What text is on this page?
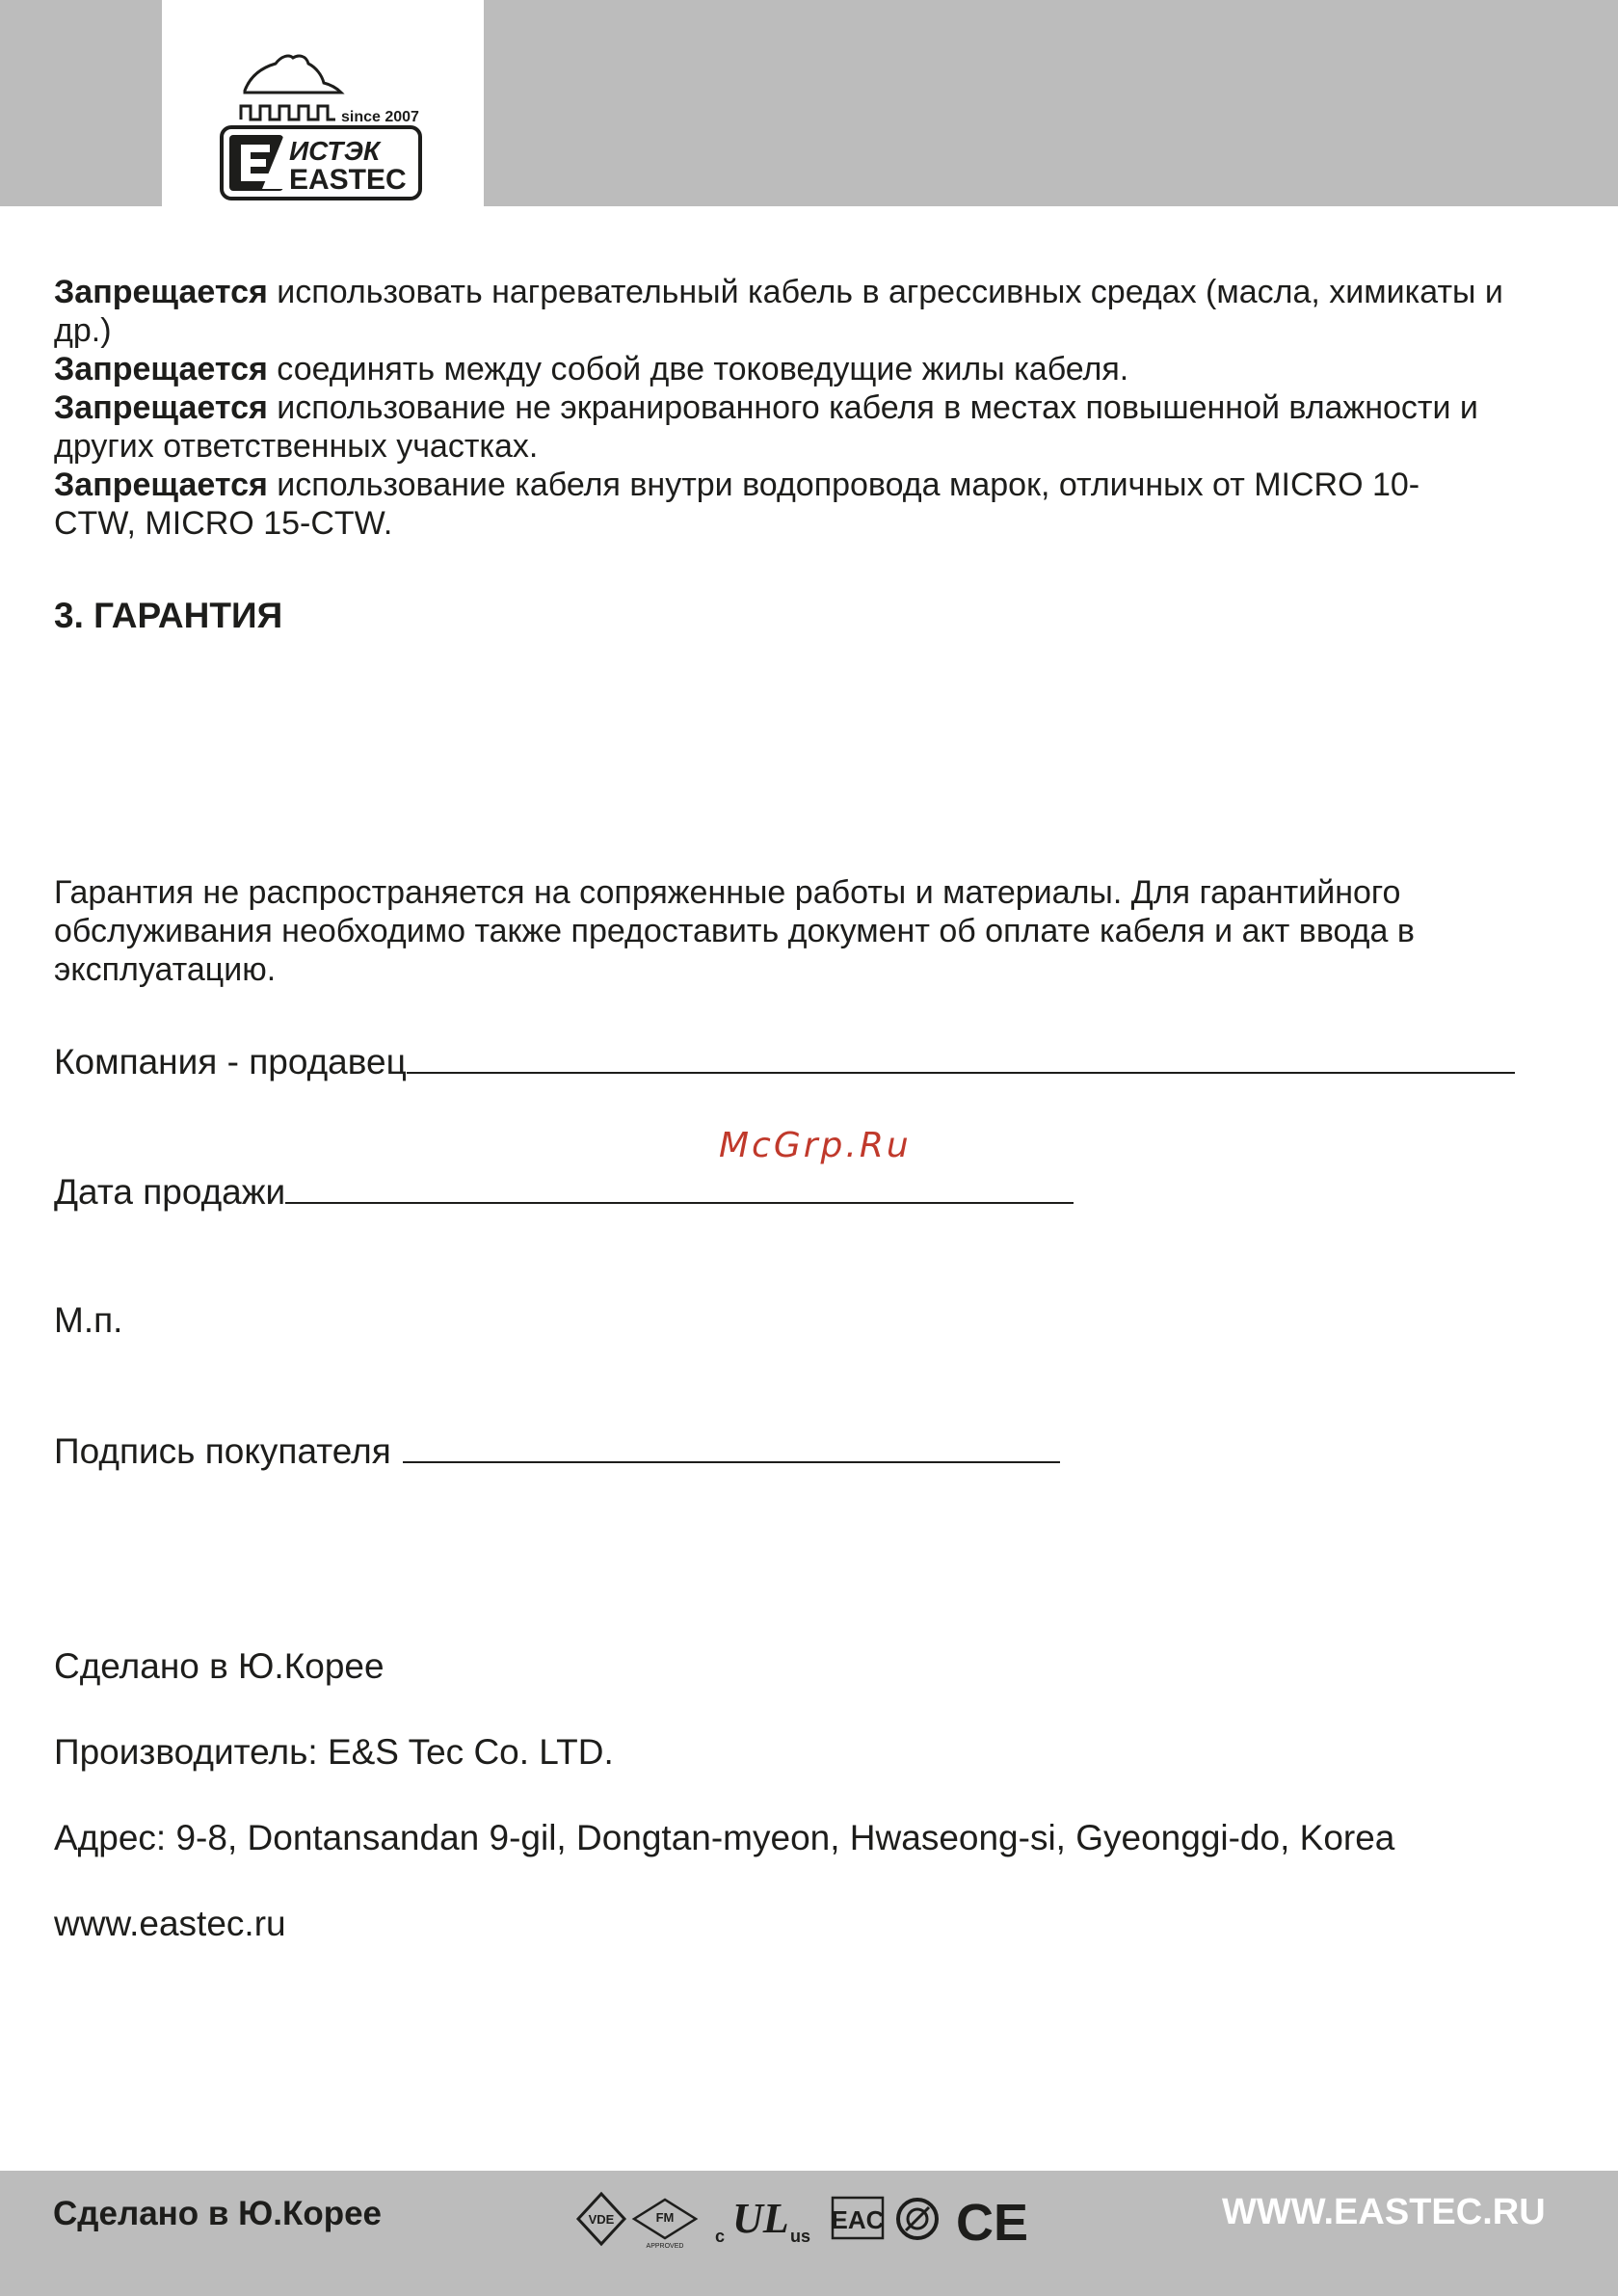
since 2007
ИСТЭК
EASTEC

Запрещается использовать нагревательный кабель в агрессивных средах (масла, химикаты и др.)

Запрещается соединять между собой две токоведущие жилы кабеля.

Запрещается использование не экранированного кабеля в местах повышенной влажности и других ответственных участках.

Запрещается использование кабеля внутри водопровода марок, отличных от MICRO 10-CTW, MICRO 15-CTW.

3. ГАРАНТИЯ

Гарантия не распространяется на сопряженные работы и материалы. Для гарантийного обслуживания необходимо также предоставить документ об оплате кабеля и акт ввода в эксплуатацию.

Компания - продавец
Дата продажи
М.п.
Подпись покупателя

Сделано в Ю.Корее

Производитель: E&S Tec Co. LTD.

Адрес: 9-8, Dontansandan 9-gil, Dongtan-myeon, Hwaseong-si, Gyeonggi-do, Korea

www.eastec.ru

McGrp.Ru
Сделано в Ю.Корее	VDE	FM
APPROVED
c UL us
EAC CE	WWW.EASTEC.RU
